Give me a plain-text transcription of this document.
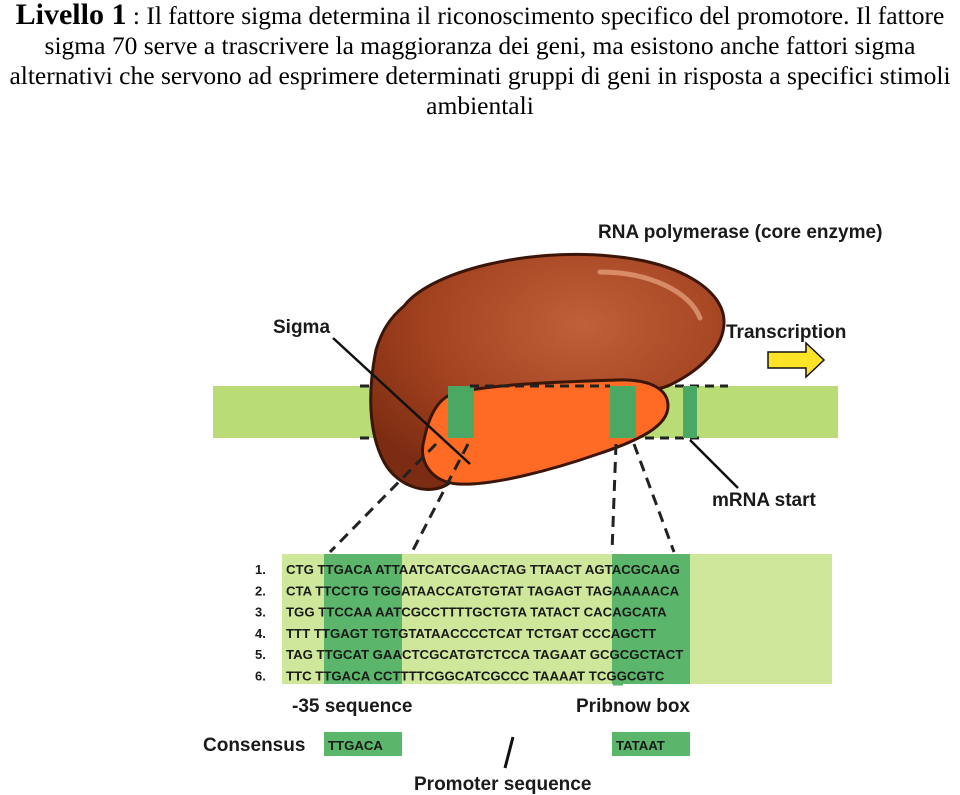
Livello 1 : Il fattore sigma determina il riconoscimento specifico del promotore. Il fattore sigma 70 serve a trascrivere la maggioranza dei geni, ma esistono anche fattori sigma alternativi che servono ad esprimere determinati gruppi di geni in risposta a specifici stimoli ambientali

RNA polymerase (core enzyme)
Sigma	Transcription
mRNA start
1. CTG TTGACA ATTAATCATCGAACTAG TTAACT AGTACGCAAG
2. CTA TTCCTG TGGATAACCATGTGTAT TAGAGT TAGAAAAACA
3. TGG TTCCAA AATCGCCTTTTGCTGTA TATACT CACAGCATA
4. TTT TTGAGT TGTGTATAACCCCTCAT TCTGAT CCCAGCTT
5. TAG TTGCAT GAACTCGCATGTCTCCA TAGAAT GCGCGCTACT
6. TTC TTGACA CCTTTTCGGCATCGCCC TAAAAT TCGGCGTC
-35 sequence	Pribnow box
Consensus TTGACA	TATAAT
Promoter sequence
